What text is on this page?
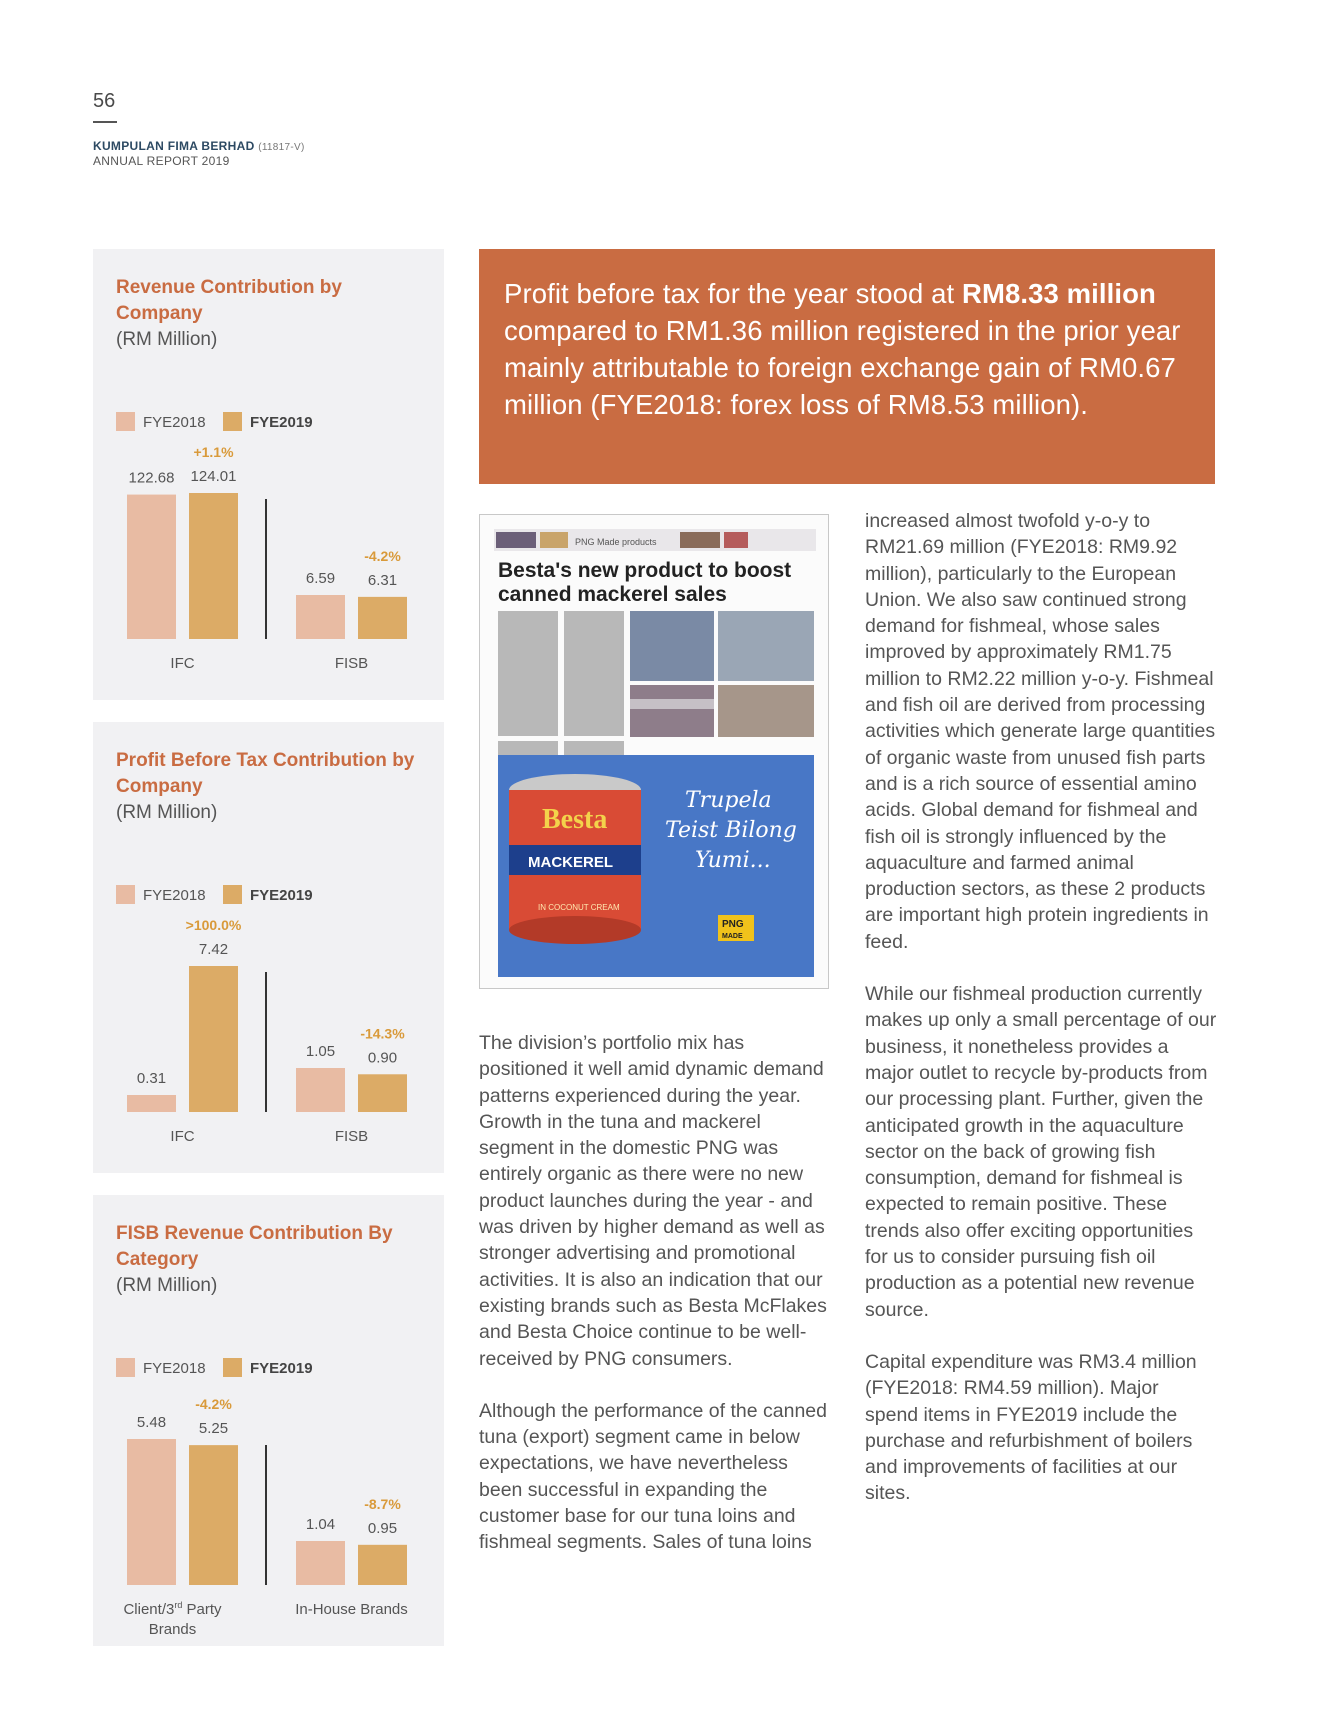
56
KUMPULAN FIMA BERHAD (11817-V)
ANNUAL REPORT 2019
Revenue Contribution by Company
(RM Million)
FYE2018	FYE2019
122.68 124.01
+1.1%
IFC
6.59 6.31
-4.2%
FISB
Profit Before Tax Contribution by Company
(RM Million)
FYE2018	FYE2019
0.31
7.42
>100.0%
IFC
1.05 0.90
-14.3%
FISB
FISB Revenue Contribution By Category
(RM Million)
FYE2018	FYE2019
5.48 5.25
-4.2%
Client/3rd Party
Brands
1.04 0.95
-8.7%
In-House Brands

Profit before tax for the year stood at RM8.33 million compared to RM1.36 million registered in the prior year mainly attributable to foreign exchange gain of RM0.67 million (FYE2018: forex loss of RM8.53 million).

PNG Made products
Besta's new product to boost
canned mackerel sales
Besta
MACKEREL
IN COCONUT CREAM
Trupela
Teist Bilong
Yumi...
PNG
MADE

The division’s portfolio mix has positioned it well amid dynamic demand patterns experienced during the year. Growth in the tuna and mackerel segment in the domestic PNG was entirely organic as there were no new product launches during the year - and was driven by higher demand as well as stronger advertising and promotional activities. It is also an indication that our existing brands such as Besta McFlakes and Besta Choice continue to be well-received by PNG consumers.

Although the performance of the canned tuna (export) segment came in below expectations, we have nevertheless been successful in expanding the customer base for our tuna loins and fishmeal segments. Sales of tuna loins

increased almost twofold y-o-y to RM21.69 million (FYE2018: RM9.92 million), particularly to the European Union. We also saw continued strong demand for fishmeal, whose sales improved by approximately RM1.75 million to RM2.22 million y-o-y. Fishmeal and fish oil are derived from processing activities which generate large quantities of organic waste from unused fish parts and is a rich source of essential amino acids. Global demand for fishmeal and fish oil is strongly influenced by the aquaculture and farmed animal production sectors, as these 2 products are important high protein ingredients in feed.

While our fishmeal production currently makes up only a small percentage of our business, it nonetheless provides a major outlet to recycle by-products from our processing plant. Further, given the anticipated growth in the aquaculture sector on the back of growing fish consumption, demand for fishmeal is expected to remain positive. These trends also offer exciting opportunities for us to consider pursuing fish oil production as a potential new revenue source.

Capital expenditure was RM3.4 million (FYE2018: RM4.59 million). Major spend items in FYE2019 include the purchase and refurbishment of boilers and improvements of facilities at our sites.
